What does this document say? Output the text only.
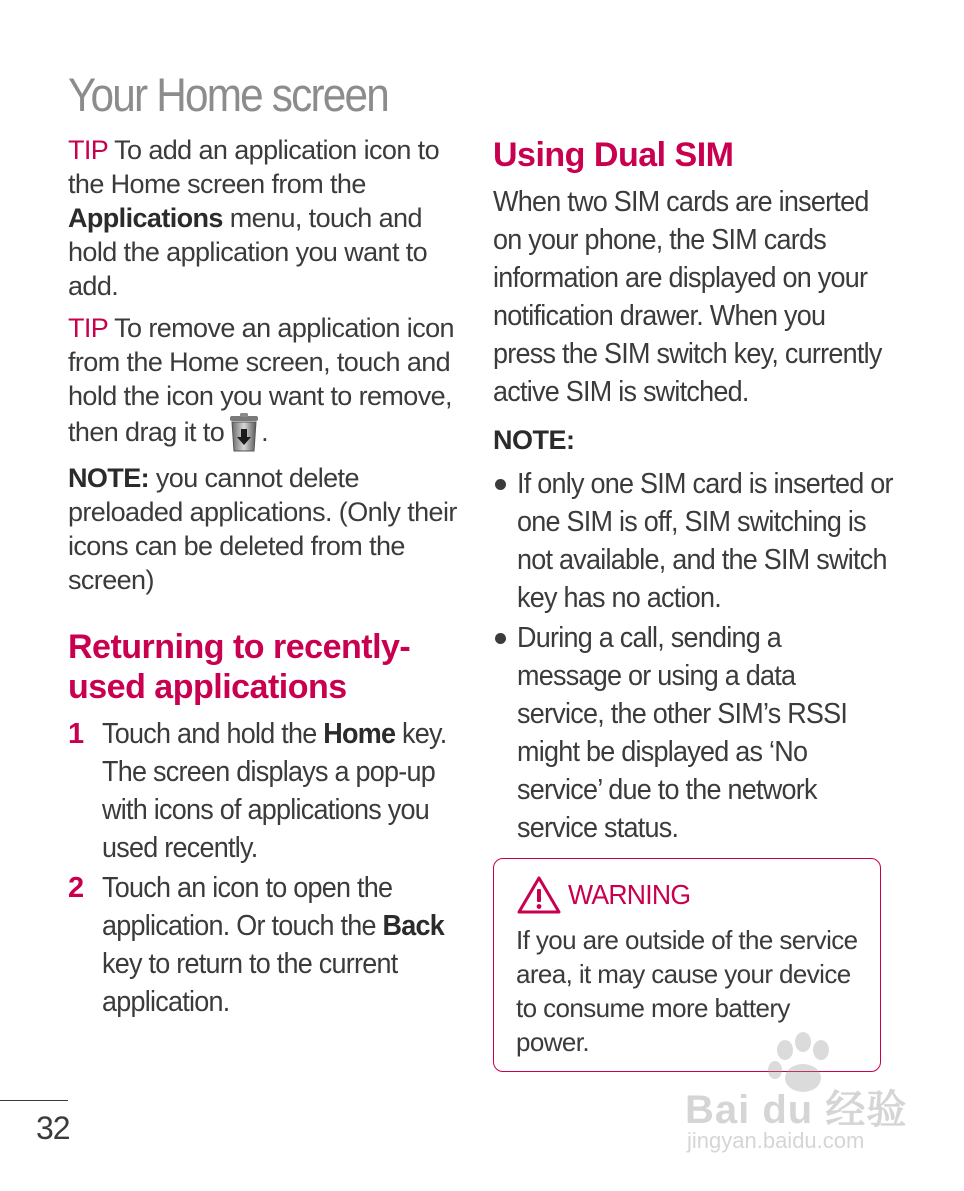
Your Home screen

TIP To add an application icon to the Home screen from the Applications menu, touch and hold the application you want to add.

TIP To remove an application icon from the Home screen, touch and hold the icon you want to remove, then drag it to .

NOTE: you cannot delete preloaded applications. (Only their icons can be deleted from the screen)

Returning to recently-used applications
1 Touch and hold the Home key. The screen displays a pop-up with icons of applications you used recently.
2 Touch an icon to open the application. Or touch the Back key to return to the current application.
Using Dual SIM
When two SIM cards are inserted on your phone, the SIM cards information are displayed on your notification drawer. When you press the SIM switch key, currently active SIM is switched.
NOTE:
If only one SIM card is inserted or one SIM is off, SIM switching is not available, and the SIM switch key has no action.
During a call, sending a message or using a data service, the other SIM’s RSSI might be displayed as ‘No service’ due to the network service status.
WARNING
If you are outside of the service area, it may cause your device to consume more battery power.
32	Bai du 经验
jingyan.baidu.com
